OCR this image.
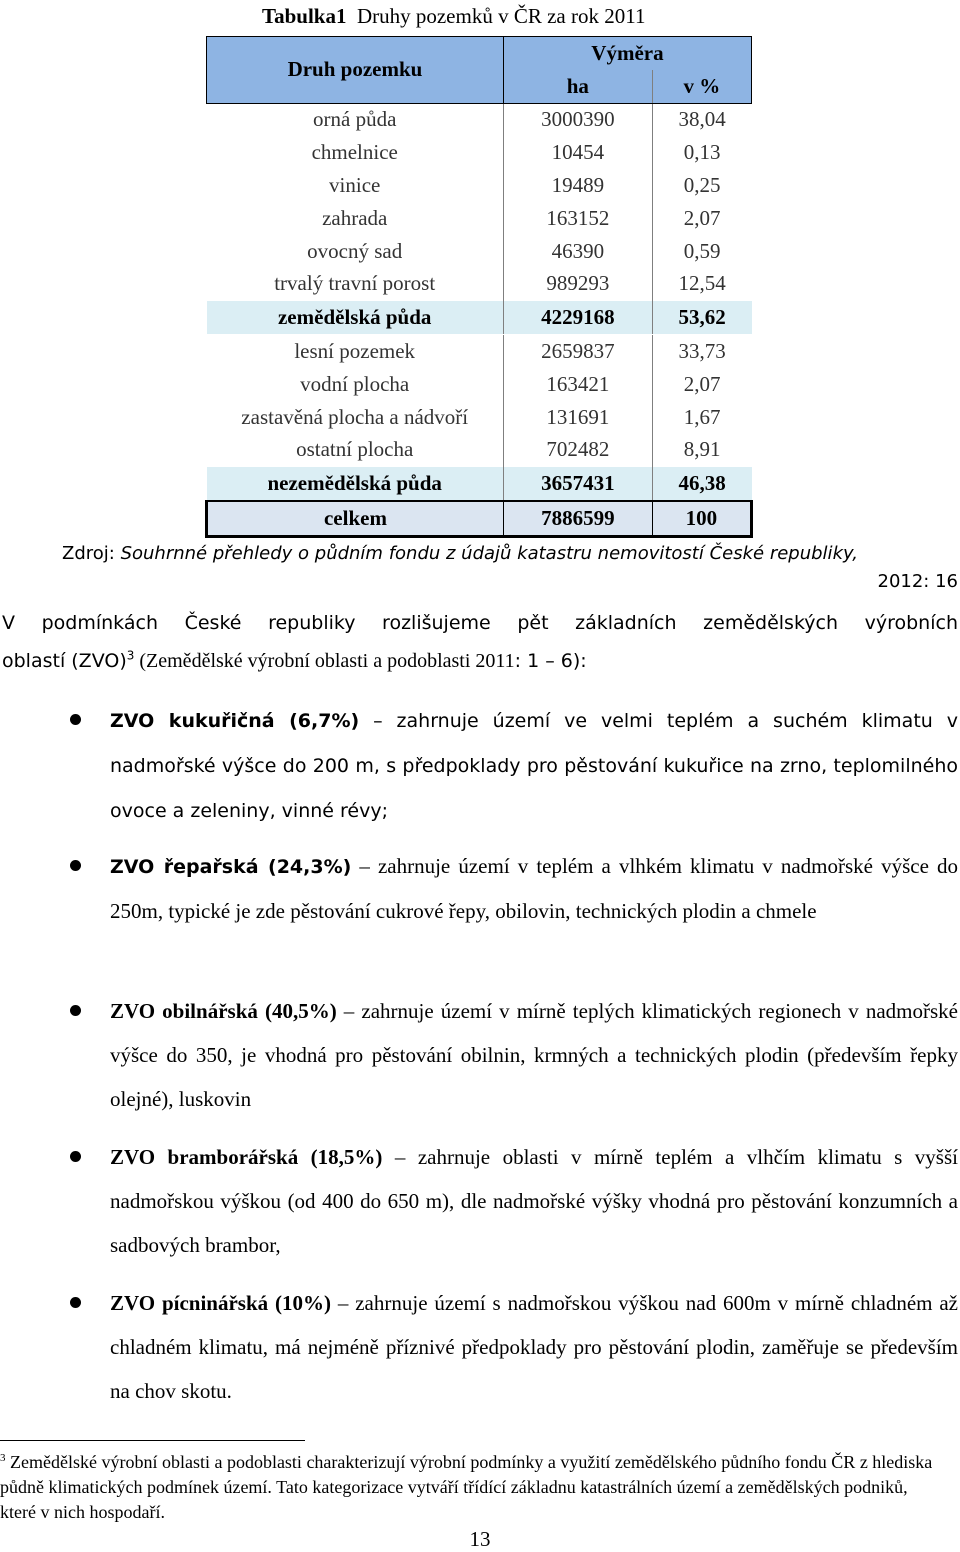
Tabulka1 Druhy pozemků v ČR za rok 2011
Druh pozemku	Výměra	
	ha	v %
orná půda	3000390	38,04
chmelnice	10454	0,13
vinice	19489	0,25
zahrada	163152	2,07
ovocný sad	46390	0,59
trvalý travní porost	989293	12,54
zemědělská půda	4229168	53,62
lesní pozemek	2659837	33,73
vodní plocha	163421	2,07
zastavěná plocha a nádvoří	131691	1,67
ostatní plocha	702482	8,91
nezemědělská půda	3657431	46,38
celkem	7886599	100
Zdroj: Souhrnné přehledy o půdním fondu z údajů katastru nemovitostí České republiky,
2012: 16
V podmínkách České republiky rozlišujeme pět základních zemědělských výrobních
oblastí (ZVO)$^3$ (Zemědělské výrobní oblasti a podoblasti 2011: 1 – 6):
ZVO kukuřičná (6,7%) – zahrnuje území ve velmi teplém a suchém klimatu v nadmořské výšce do 200 m, s předpoklady pro pěstování kukuřice na zrno, teplomilného ovoce a zeleniny, vinné révy;
ZVO řepařská (24,3%) – zahrnuje území v teplém a vlhkém klimatu v nadmořské výšce do 250m, typické je zde pěstování cukrové řepy, obilovin, technických plodin a chmele
ZVO obilnářská (40,5%) – zahrnuje území v mírně teplých klimatických regionech v nadmořské výšce do 350, je vhodná pro pěstování obilnin, krmných a technických plodin (především řepky olejné), luskovin
ZVO bramborářská (18,5%) – zahrnuje oblasti v mírně teplém a vlhčím klimatu s vyšší nadmořskou výškou (od 400 do 650 m), dle nadmořské výšky vhodná pro pěstování konzumních a sadbových brambor,
ZVO pícninářská (10%) – zahrnuje území s nadmořskou výškou nad 600m v mírně chladném až chladném klimatu, má nejméně příznivé předpoklady pro pěstování plodin, zaměřuje se především na chov skotu.
$^3$ Zemědělské výrobní oblasti a podoblasti charakterizují výrobní podmínky a využití zemědělského půdního fondu ČR z hlediska půdně klimatických podmínek území. Tato kategorizace vytváří třídící základnu katastrálních území a zemědělských podniků, které v nich hospodaří.
13
